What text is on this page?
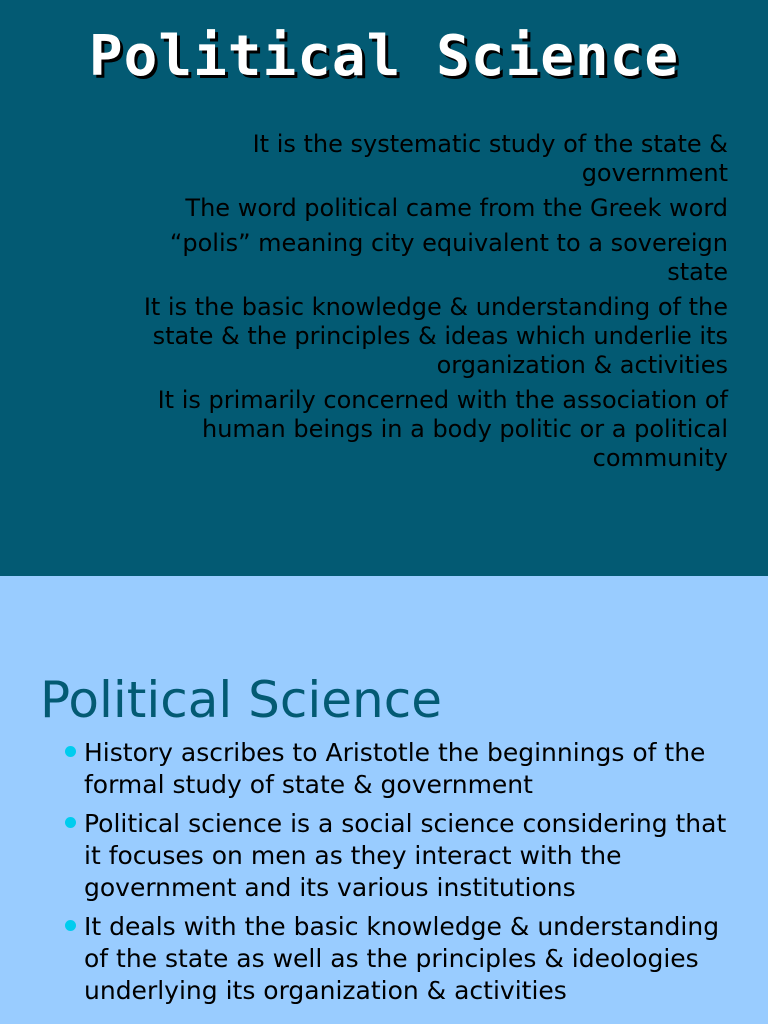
Political Science

It is the systematic study of the state & government

The word political came from the Greek word

“polis” meaning city equivalent to a sovereign state

It is the basic knowledge & understanding of the state & the principles & ideas which underlie its organization & activities

It is primarily concerned with the association of human beings in a body politic or a political community

Political Science
History ascribes to Aristotle the beginnings of the formal study of state & government
Political science is a social science considering that it focuses on men as they interact with the government and its various institutions
It deals with the basic knowledge & understanding of the state as well as the principles & ideologies underlying its organization & activities
